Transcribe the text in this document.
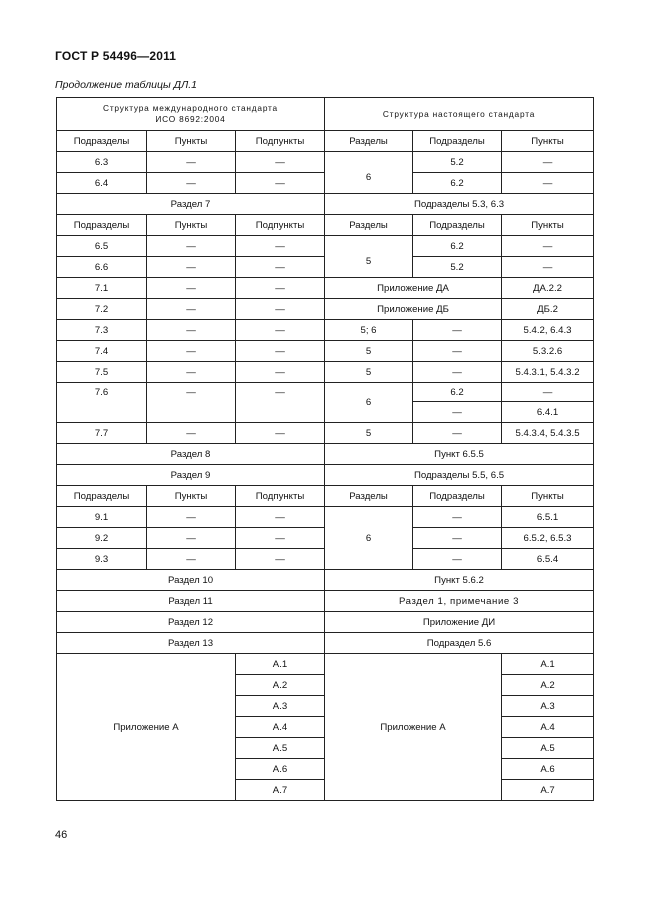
ГОСТ Р 54496—2011
Продолжение таблицы ДЛ.1
Структура международного стандарта
ИСО 8692:2004			Структура настоящего стандарта		
Подразделы	Пункты	Подпункты	Разделы	Подразделы	Пункты
6.3	—	—	6	5.2	—
6.4	—	—		6.2	—
Раздел 7			Подразделы 5.3, 6.3		
Подразделы	Пункты	Подпункты	Разделы	Подразделы	Пункты
6.5	—	—	5	6.2	—
6.6	—	—		5.2	—
7.1	—	—	Приложение ДА		ДА.2.2
7.2	—	—	Приложение ДБ		ДБ.2
7.3	—	—	5; 6	—	5.4.2, 6.4.3
7.4	—	—	5	—	5.3.2.6
7.5	—	—	5	—	5.4.3.1, 5.4.3.2
7.6	—	—	6	6.2	—
				—	6.4.1
7.7	—	—	5	—	5.4.3.4, 5.4.3.5
Раздел 8			Пункт 6.5.5		
Раздел 9			Подразделы 5.5, 6.5		
Подразделы	Пункты	Подпункты	Разделы	Подразделы	Пункты
9.1	—	—	6	—	6.5.1
9.2	—	—		—	6.5.2, 6.5.3
9.3	—	—		—	6.5.4
Раздел 10			Пункт 5.6.2		
Раздел 11			Раздел 1, примечание 3		
Раздел 12			Приложение ДИ		
Раздел 13			Подраздел 5.6		
Приложение А		А.1	Приложение А		А.1
		А.2			А.2
		А.3			А.3
		А.4			А.4
		А.5			А.5
		А.6			А.6
		А.7			А.7
46
